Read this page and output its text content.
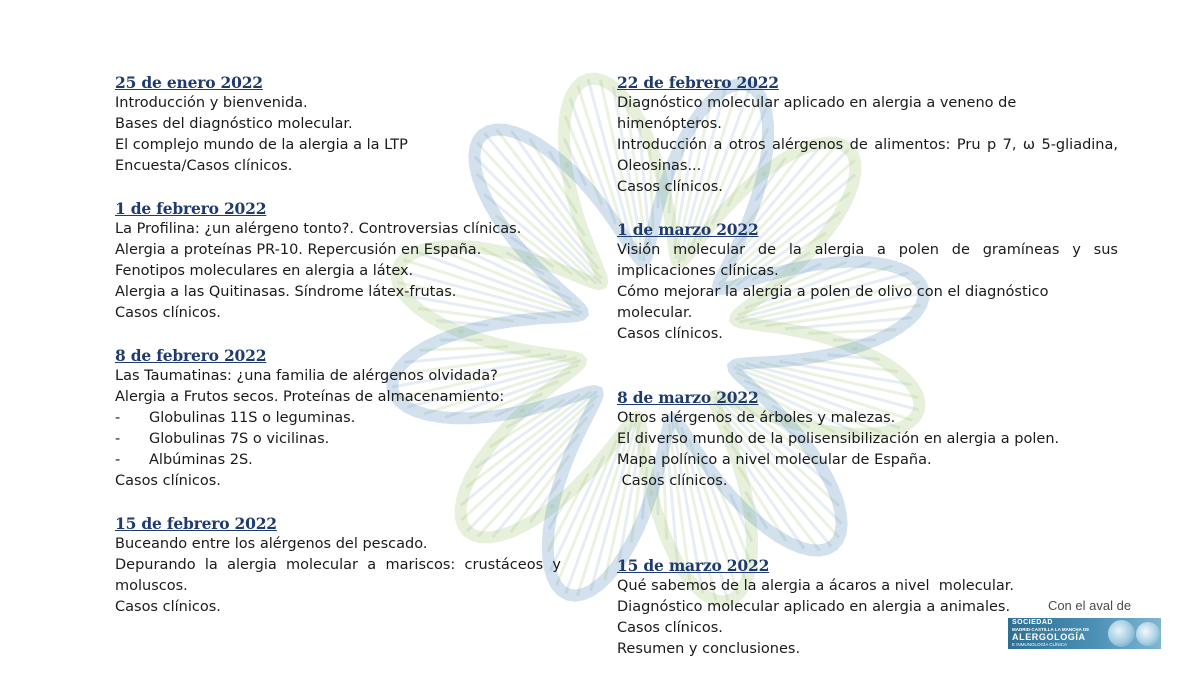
25 de enero 2022

Introducción y bienvenida.

Bases del diagnóstico molecular.

El complejo mundo de la alergia a la LTP

Encuesta/Casos clínicos.

1 de febrero 2022

La Profilina: ¿un alérgeno tonto?. Controversias clínicas.

Alergia a proteínas PR-10. Repercusión en España.

Fenotipos moleculares en alergia a látex.

Alergia a las Quitinasas. Síndrome látex-frutas.

Casos clínicos.

8 de febrero 2022

Las Taumatinas: ¿una familia de alérgenos olvidada?

Alergia a Frutos secos. Proteínas de almacenamiento:

-	Globulinas 11S o leguminas.
-	Globulinas 7S o vicilinas.
-	Albúminas 2S.

Casos clínicos.

15 de febrero 2022

Buceando entre los alérgenos del pescado.

Depurando la alergia molecular a mariscos: crustáceos y moluscos.

Casos clínicos.

22 de febrero 2022

Diagnóstico molecular aplicado en alergia a veneno de himenópteros.

Introducción a otros alérgenos de alimentos: Pru p 7, ω 5-gliadina, Oleosinas...

Casos clínicos.

1 de marzo 2022

Visión molecular de la alergia a polen de gramíneas y sus implicaciones clínicas.

Cómo mejorar la alergia a polen de olivo con el diagnóstico molecular.

Casos clínicos.

8 de marzo 2022

Otros alérgenos de árboles y malezas.

El diverso mundo de la polisensibilización en alergia a polen.

Mapa polínico a nivel molecular de España.

Casos clínicos.

15 de marzo 2022

Qué sabemos de la alergia a ácaros a nivel  molecular.

Diagnóstico molecular aplicado en alergia a animales.

Casos clínicos.

Resumen y conclusiones.

Con el aval de
SOCIEDAD
MADRID-CASTILLA LA MANCHA DE
ALERGOLOGÍA
E INMUNOLOGÍA CLÍNICA
